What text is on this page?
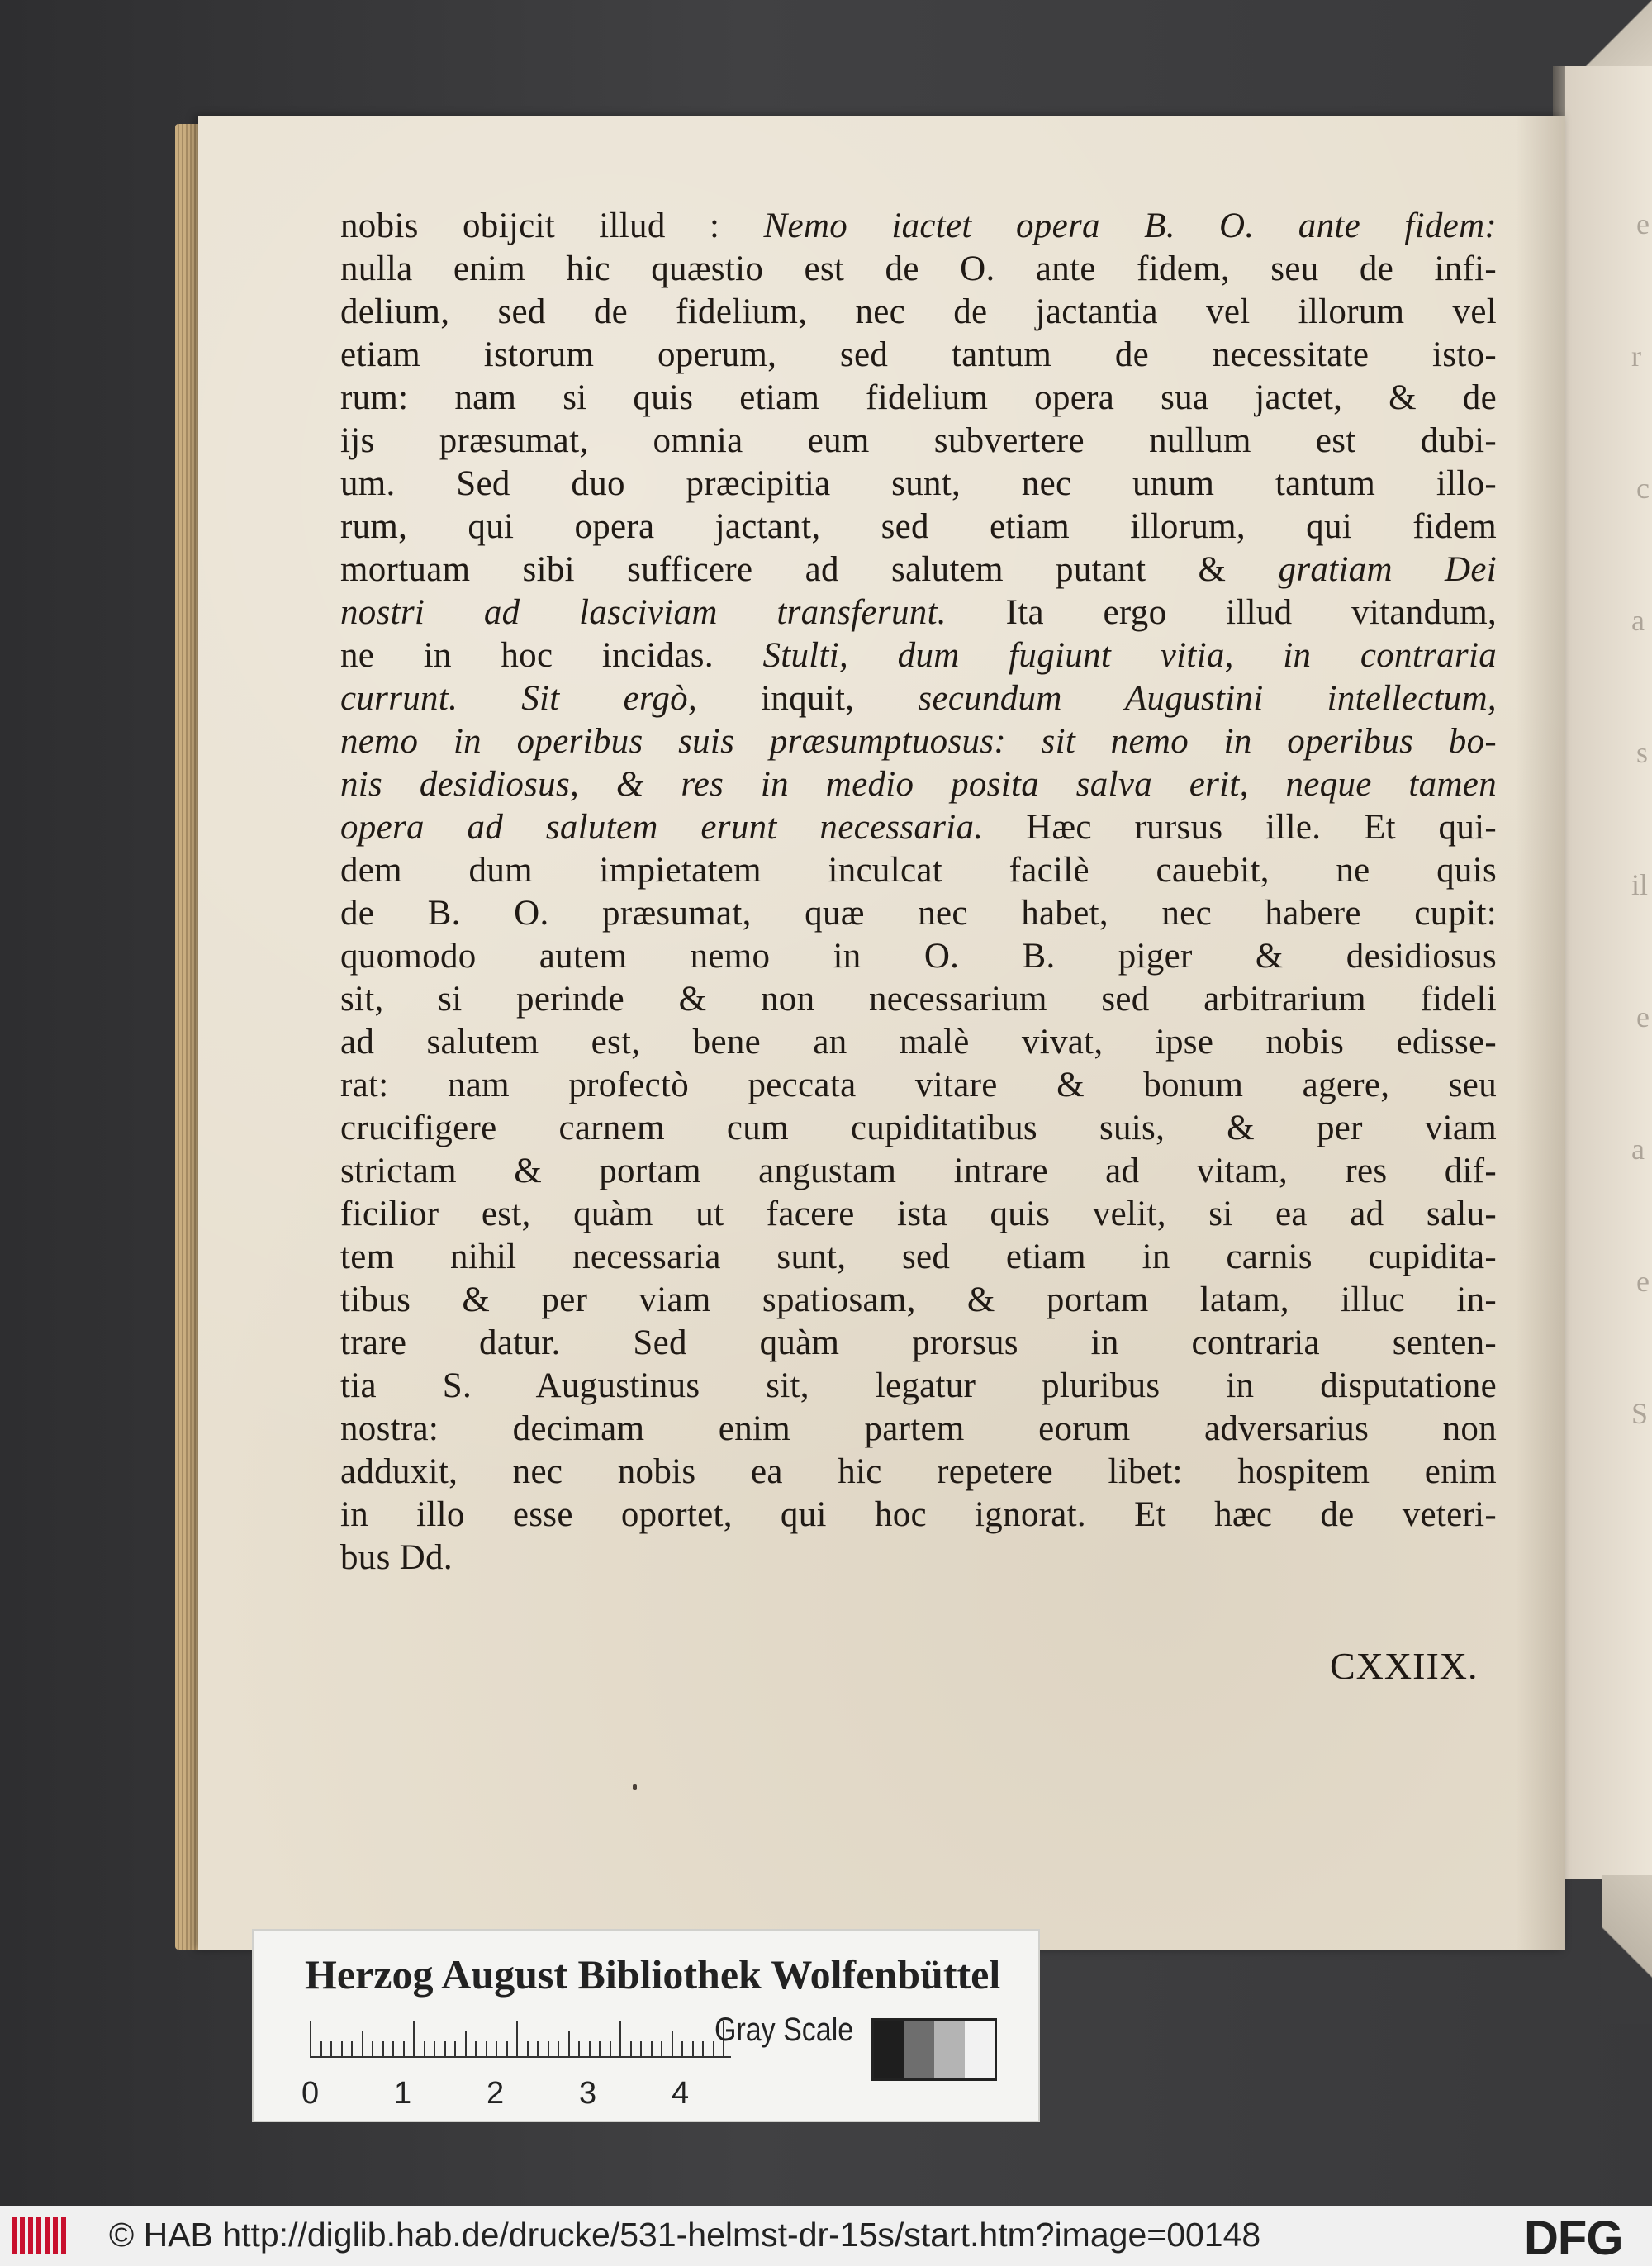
e
r
c
a
s
il
e
a
e
S
nobis obijcit illud : Nemo iactet opera B. O. ante fidem:
nulla enim hic quæstio est de O. ante fidem, seu de infi-
delium, sed de fidelium, nec de jactantia vel illorum vel
etiam istorum operum, sed tantum de necessitate isto-
rum: nam si quis etiam fidelium opera sua jactet, & de
ijs præsumat, omnia eum subvertere nullum est dubi-
um. Sed duo præcipitia sunt, nec unum tantum illo-
rum, qui opera jactant, sed etiam illorum, qui fidem
mortuam sibi sufficere ad salutem putant & gratiam Dei
nostri ad lasciviam transferunt. Ita ergo illud vitandum,
ne in hoc incidas. Stulti, dum fugiunt vitia, in contraria
currunt. Sit ergò, inquit, secundum Augustini intellectum,
nemo in operibus suis præsumptuosus: sit nemo in operibus bo-
nis desidiosus, & res in medio posita salva erit, neque tamen
opera ad salutem erunt necessaria. Hæc rursus ille. Et qui-
dem dum impietatem inculcat facilè cauebit, ne quis
de B. O. præsumat, quæ nec habet, nec habere cupit:
quomodo autem nemo in O. B. piger & desidiosus
sit, si perinde & non necessarium sed arbitrarium fideli
ad salutem est, bene an malè vivat, ipse nobis edisse-
rat: nam profectò peccata vitare & bonum agere, seu
crucifigere carnem cum cupiditatibus suis, & per viam
strictam & portam angustam intrare ad vitam, res dif-
ficilior est, quàm ut facere ista quis velit, si ea ad salu-
tem nihil necessaria sunt, sed etiam in carnis cupidita-
tibus & per viam spatiosam, & portam latam, illuc in-
trare datur. Sed quàm prorsus in contraria senten-
tia S. Augustinus sit, legatur pluribus in disputatione
nostra: decimam enim partem eorum adversarius non
adduxit, nec nobis ea hic repetere libet: hospitem enim
in illo esse oportet, qui hoc ignorat. Et hæc de veteri-
bus Dd.
CXXIIX.
Herzog August Bibliothek Wolfenbüttel
0 1 2 3 4
Gray Scale
© HAB http://diglib.hab.de/drucke/531-helmst-dr-15s/start.htm?image=00148	DFG
